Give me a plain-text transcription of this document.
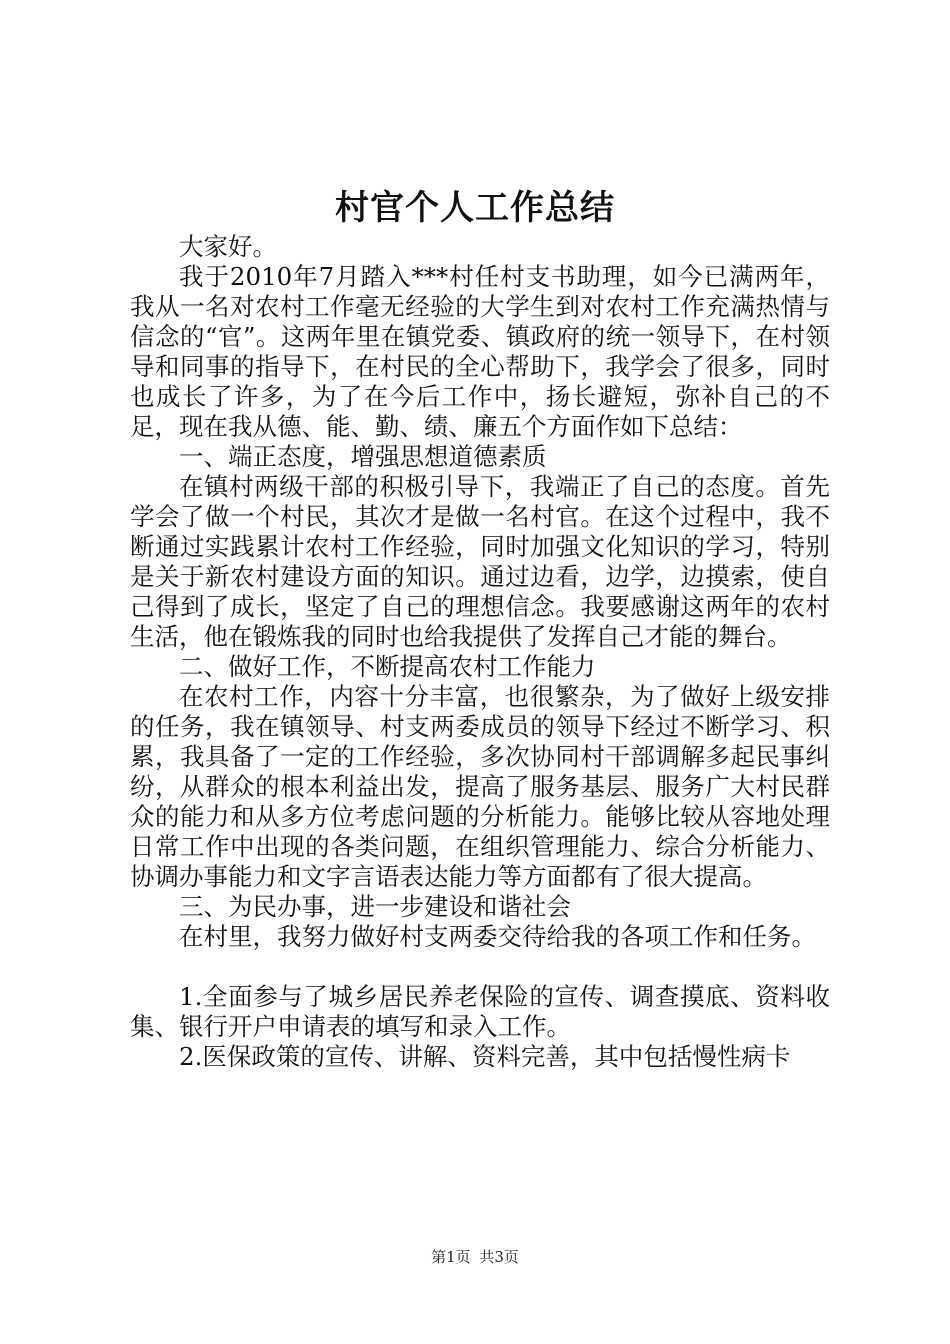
村官个人工作总结

大家好。

我于2010年7月踏入***村任村支书助理，如今已满两年，我从一名对农村工作毫无经验的大学生到对农村工作充满热情与信念的“官”。这两年里在镇党委、镇政府的统一领导下，在村领导和同事的指导下，在村民的全心帮助下，我学会了很多，同时也成长了许多，为了在今后工作中，扬长避短，弥补自己的不足，现在我从德、能、勤、绩、廉五个方面作如下总结：

一、端正态度，增强思想道德素质

在镇村两级干部的积极引导下，我端正了自己的态度。首先学会了做一个村民，其次才是做一名村官。在这个过程中，我不断通过实践累计农村工作经验，同时加强文化知识的学习，特别是关于新农村建设方面的知识。通过边看，边学，边摸索，使自己得到了成长，坚定了自己的理想信念。我要感谢这两年的农村生活，他在锻炼我的同时也给我提供了发挥自己才能的舞台。

二、做好工作，不断提高农村工作能力

在农村工作，内容十分丰富，也很繁杂，为了做好上级安排的任务，我在镇领导、村支两委成员的领导下经过不断学习、积累，我具备了一定的工作经验，多次协同村干部调解多起民事纠纷，从群众的根本利益出发，提高了服务基层、服务广大村民群众的能力和从多方位考虑问题的分析能力。能够比较从容地处理日常工作中出现的各类问题，在组织管理能力、综合分析能力、协调办事能力和文字言语表达能力等方面都有了很大提高。

三、为民办事，进一步建设和谐社会

在村里，我努力做好村支两委交待给我的各项工作和任务。

1.全面参与了城乡居民养老保险的宣传、调查摸底、资料收集、银行开户申请表的填写和录入工作。

2.医保政策的宣传、讲解、资料完善，其中包括慢性病卡

第1页 共3页
